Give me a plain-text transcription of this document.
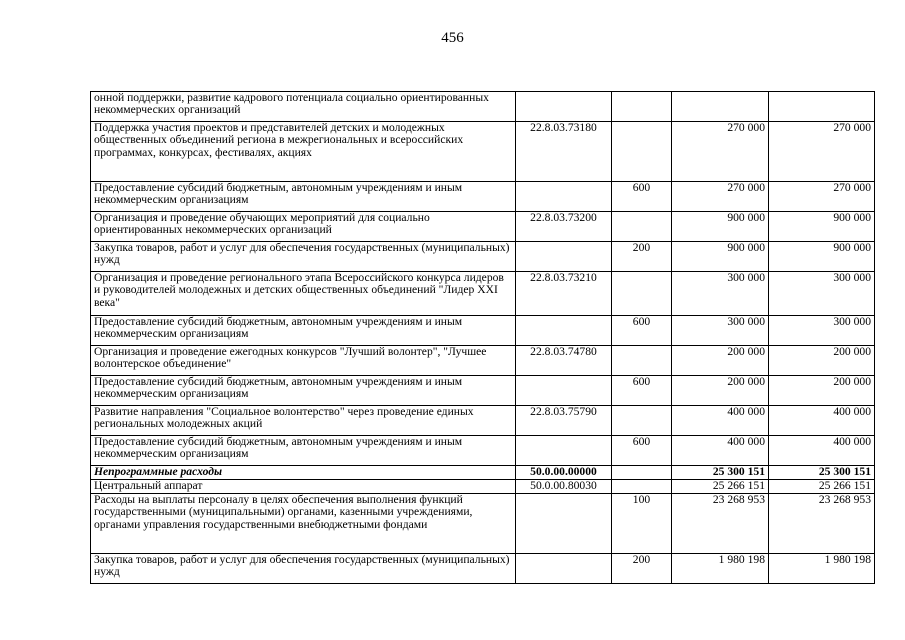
456
онной поддержки, развитие кадрового потенциала социально ориентированных некоммерческих организаций				
Поддержка участия проектов и представителей детских и молодежных общественных объединений региона в межрегиональных и всероссийских программах, конкурсах, фестивалях, акциях	22.8.03.73180		270 000	270 000
Предоставление субсидий бюджетным, автономным учреждениям и иным некоммерческим организациям		600	270 000	270 000
Организация и проведение обучающих мероприятий для социально ориентированных некоммерческих организаций	22.8.03.73200		900 000	900 000
Закупка товаров, работ и услуг для обеспечения государственных (муниципальных) нужд		200	900 000	900 000
Организация и проведение регионального этапа Всероссийского конкурса лидеров и руководителей молодежных и детских общественных объединений "Лидер XXI века"	22.8.03.73210		300 000	300 000
Предоставление субсидий бюджетным, автономным учреждениям и иным некоммерческим организациям		600	300 000	300 000
Организация и проведение ежегодных конкурсов "Лучший волонтер", "Лучшее волонтерское объединение"	22.8.03.74780		200 000	200 000
Предоставление субсидий бюджетным, автономным учреждениям и иным некоммерческим организациям		600	200 000	200 000
Развитие направления "Социальное волонтерство" через проведение единых региональных молодежных акций	22.8.03.75790		400 000	400 000
Предоставление субсидий бюджетным, автономным учреждениям и иным некоммерческим организациям		600	400 000	400 000
Непрограммные расходы	50.0.00.00000		25 300 151	25 300 151
Центральный аппарат	50.0.00.80030		25 266 151	25 266 151
Расходы на выплаты персоналу в целях обеспечения выполнения функций государственными (муниципальными) органами, казенными учреждениями, органами управления государственными внебюджетными фондами		100	23 268 953	23 268 953
Закупка товаров, работ и услуг для обеспечения государственных (муниципальных) нужд		200	1 980 198	1 980 198
